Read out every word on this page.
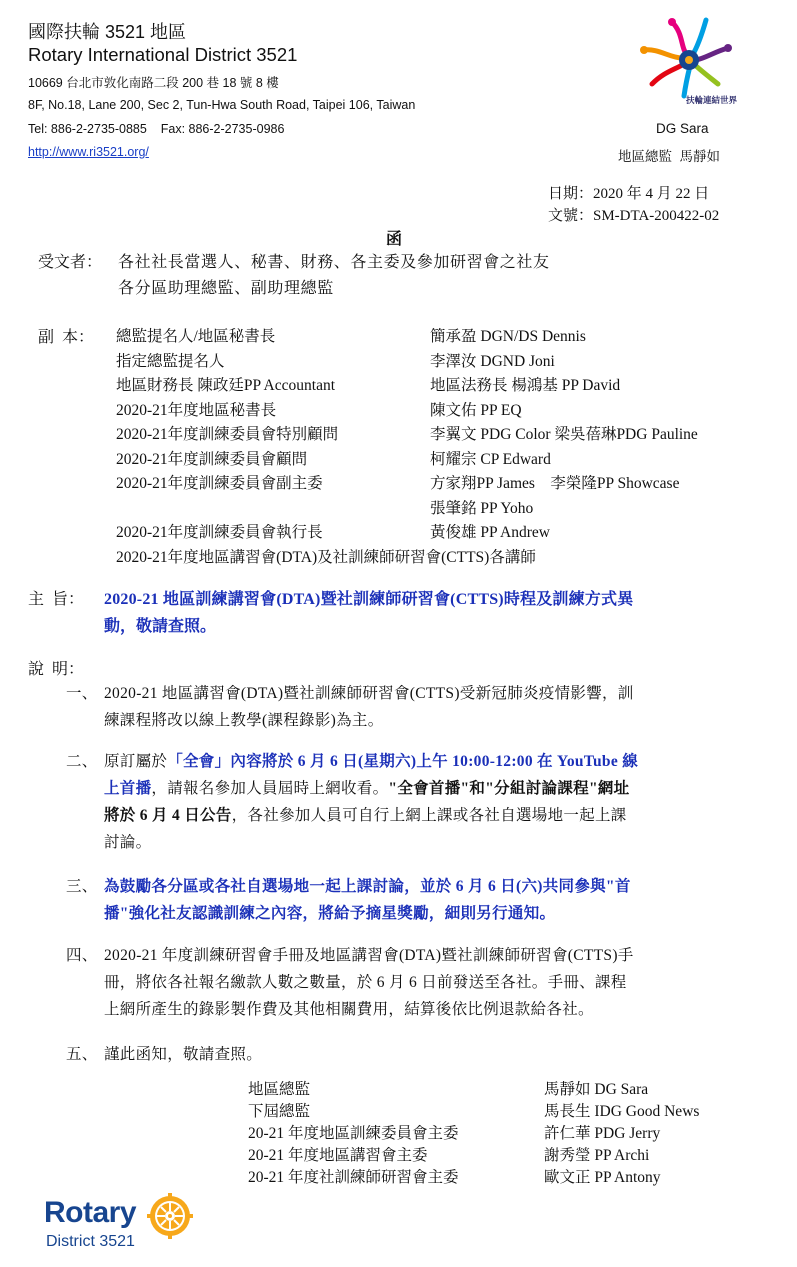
國際扶輪 3521 地區
Rotary International District 3521
10669 台北市敦化南路二段 200 巷 18 號 8 樓
8F, No.18, Lane 200, Sec 2, Tun-Hwa South Road, Taipei 106, Taiwan
Tel: 886-2-2735-0885    Fax: 886-2-2735-0986
http://www.ri3521.org/
扶輪連結世界
DG Sara
地區總監  馬靜如
日期：2020 年 4 月 22 日
文號：SM-DTA-200422-02
函
受文者： 各社社長當選人、秘書、財務、各主委及參加研習會之社友
各分區助理總監、副助理總監
副  本： 總監提名人/地區秘書長	簡承盈 DGN/DS Dennis
指定總監提名人	李澤汝 DGND Joni
地區財務長 陳政廷PP Accountant	地區法務長 楊鴻基 PP David
2020-21年度地區秘書長	陳文佑 PP EQ
2020-21年度訓練委員會特別顧問	李翼文 PDG Color 梁吳蓓琳PDG Pauline
2020-21年度訓練委員會顧問	柯耀宗 CP Edward
2020-21年度訓練委員會副主委	方家翔PP James    李榮隆PP Showcase
張肇銘 PP Yoho
2020-21年度訓練委員會執行長	黃俊雄 PP Andrew
2020-21年度地區講習會(DTA)及社訓練師研習會(CTTS)各講師
主  旨： 2020-21 地區訓練講習會(DTA)暨社訓練師研習會(CTTS)時程及訓練方式異
動，敬請查照。
說  明：
一、 2020-21 地區講習會(DTA)暨社訓練師研習會(CTTS)受新冠肺炎疫情影響，訓
練課程將改以線上教學(課程錄影)為主。
二、 原訂屬於「全會」內容將於 6 月 6 日(星期六)上午 10:00-12:00 在 YouTube 線
上首播，請報名參加人員屆時上網收看。"全會首播"和"分組討論課程"網址
將於 6 月 4 日公告，各社參加人員可自行上網上課或各社自選場地一起上課
討論。
三、 為鼓勵各分區或各社自選場地一起上課討論，並於 6 月 6 日(六)共同參與"首
播"強化社友認識訓練之內容，將給予摘星獎勵，細則另行通知。
四、 2020-21 年度訓練研習會手冊及地區講習會(DTA)暨社訓練師研習會(CTTS)手
冊，將依各社報名繳款人數之數量，於 6 月 6 日前發送至各社。手冊、課程
上網所產生的錄影製作費及其他相關費用，結算後依比例退款給各社。
五、 謹此函知，敬請查照。
地區總監	馬靜如 DG Sara
下屆總監	馬長生 IDG Good News
20-21 年度地區訓練委員會主委	許仁華 PDG Jerry
20-21 年度地區講習會主委	謝秀瑩 PP Archi
20-21 年度社訓練師研習會主委	歐文正 PP Antony
Rotary
District 3521
